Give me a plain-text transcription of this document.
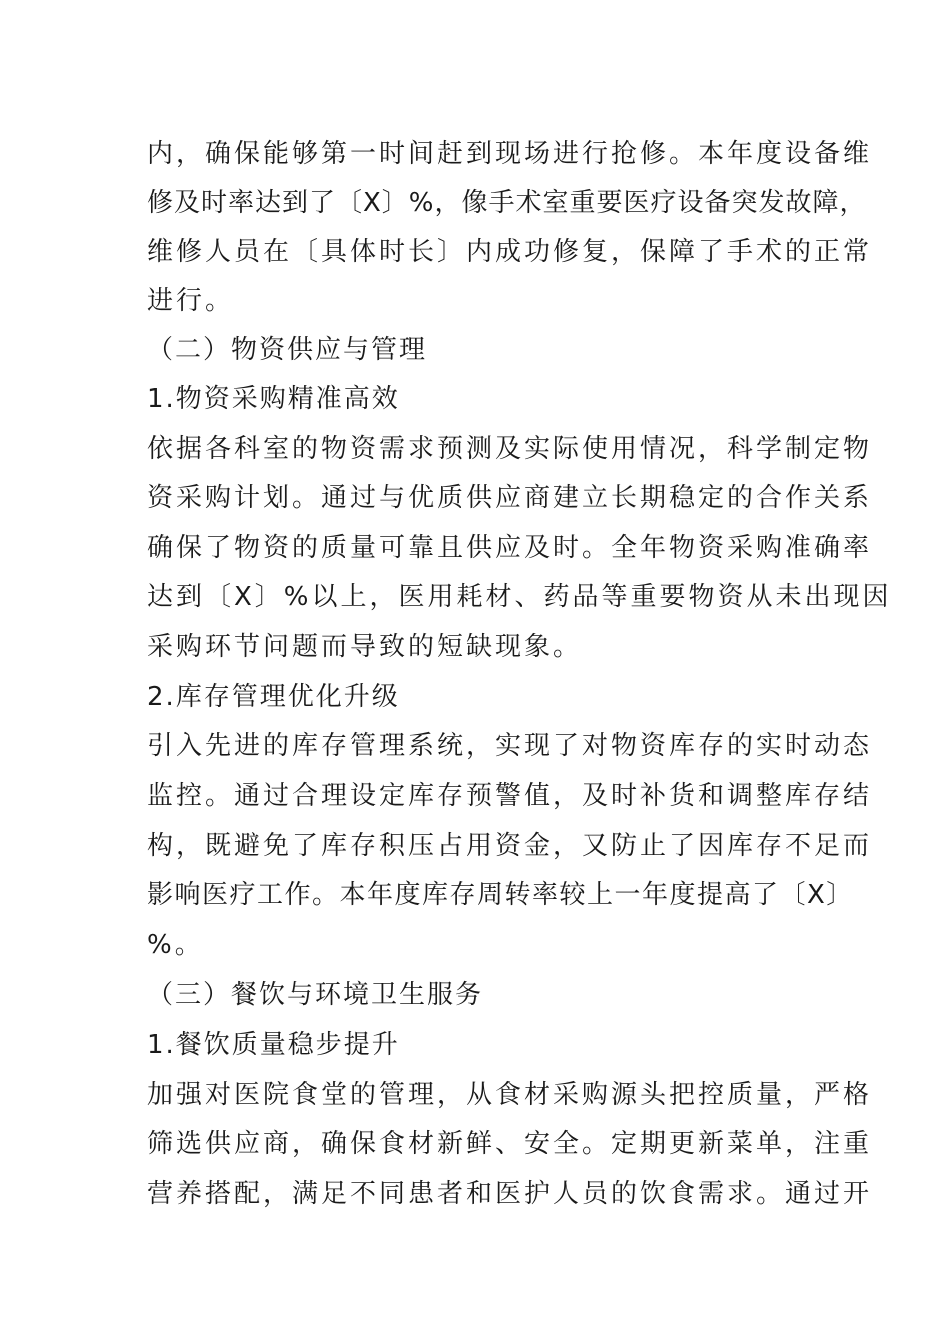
内，确保能够第一时间赶到现场进行抢修。本年度设备维
修及时率达到了〔X〕%，像手术室重要医疗设备突发故障，
维修人员在〔具体时长〕内成功修复，保障了手术的正常
进行。
（二）物资供应与管理
1.物资采购精准高效
依据各科室的物资需求预测及实际使用情况，科学制定物
资采购计划。通过与优质供应商建立长期稳定的合作关系
确保了物资的质量可靠且供应及时。全年物资采购准确率
达到〔X〕%以上，医用耗材、药品等重要物资从未出现因
采购环节问题而导致的短缺现象。
2.库存管理优化升级
引入先进的库存管理系统，实现了对物资库存的实时动态
监控。通过合理设定库存预警值，及时补货和调整库存结
构，既避免了库存积压占用资金，又防止了因库存不足而
影响医疗工作。本年度库存周转率较上一年度提高了〔X〕
%。
（三）餐饮与环境卫生服务
1.餐饮质量稳步提升
加强对医院食堂的管理，从食材采购源头把控质量，严格
筛选供应商，确保食材新鲜、安全。定期更新菜单，注重
营养搭配，满足不同患者和医护人员的饮食需求。通过开
